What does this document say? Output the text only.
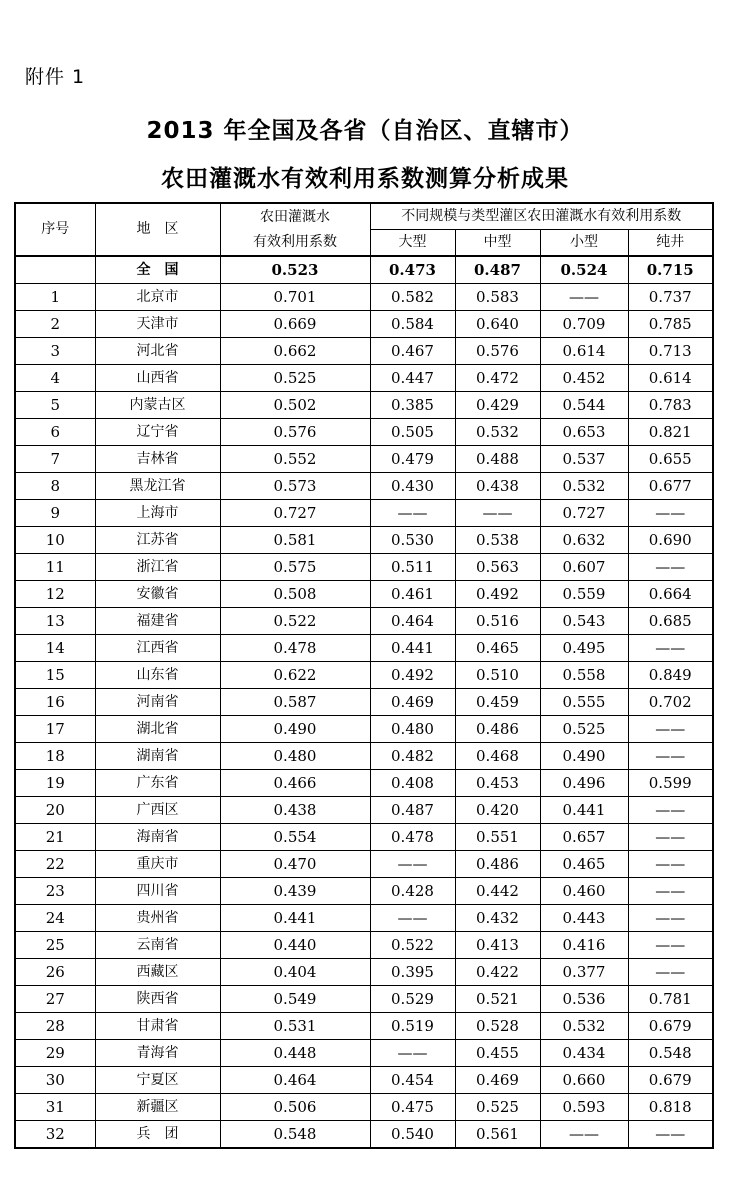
附件 1
2013 年全国及各省（自治区、直辖市）
农田灌溉水有效利用系数测算分析成果
序号	地　区	农田灌溉水
有效利用系数	不同规模与类型灌区农田灌溉水有效利用系数			
			大型	中型	小型	纯井
	全　国	0.523	0.473	0.487	0.524	0.715
1	北京市	0.701	0.582	0.583	——	0.737
2	天津市	0.669	0.584	0.640	0.709	0.785
3	河北省	0.662	0.467	0.576	0.614	0.713
4	山西省	0.525	0.447	0.472	0.452	0.614
5	内蒙古区	0.502	0.385	0.429	0.544	0.783
6	辽宁省	0.576	0.505	0.532	0.653	0.821
7	吉林省	0.552	0.479	0.488	0.537	0.655
8	黑龙江省	0.573	0.430	0.438	0.532	0.677
9	上海市	0.727	——	——	0.727	——
10	江苏省	0.581	0.530	0.538	0.632	0.690
11	浙江省	0.575	0.511	0.563	0.607	——
12	安徽省	0.508	0.461	0.492	0.559	0.664
13	福建省	0.522	0.464	0.516	0.543	0.685
14	江西省	0.478	0.441	0.465	0.495	——
15	山东省	0.622	0.492	0.510	0.558	0.849
16	河南省	0.587	0.469	0.459	0.555	0.702
17	湖北省	0.490	0.480	0.486	0.525	——
18	湖南省	0.480	0.482	0.468	0.490	——
19	广东省	0.466	0.408	0.453	0.496	0.599
20	广西区	0.438	0.487	0.420	0.441	——
21	海南省	0.554	0.478	0.551	0.657	——
22	重庆市	0.470	——	0.486	0.465	——
23	四川省	0.439	0.428	0.442	0.460	——
24	贵州省	0.441	——	0.432	0.443	——
25	云南省	0.440	0.522	0.413	0.416	——
26	西藏区	0.404	0.395	0.422	0.377	——
27	陕西省	0.549	0.529	0.521	0.536	0.781
28	甘肃省	0.531	0.519	0.528	0.532	0.679
29	青海省	0.448	——	0.455	0.434	0.548
30	宁夏区	0.464	0.454	0.469	0.660	0.679
31	新疆区	0.506	0.475	0.525	0.593	0.818
32	兵　团	0.548	0.540	0.561	——	——
